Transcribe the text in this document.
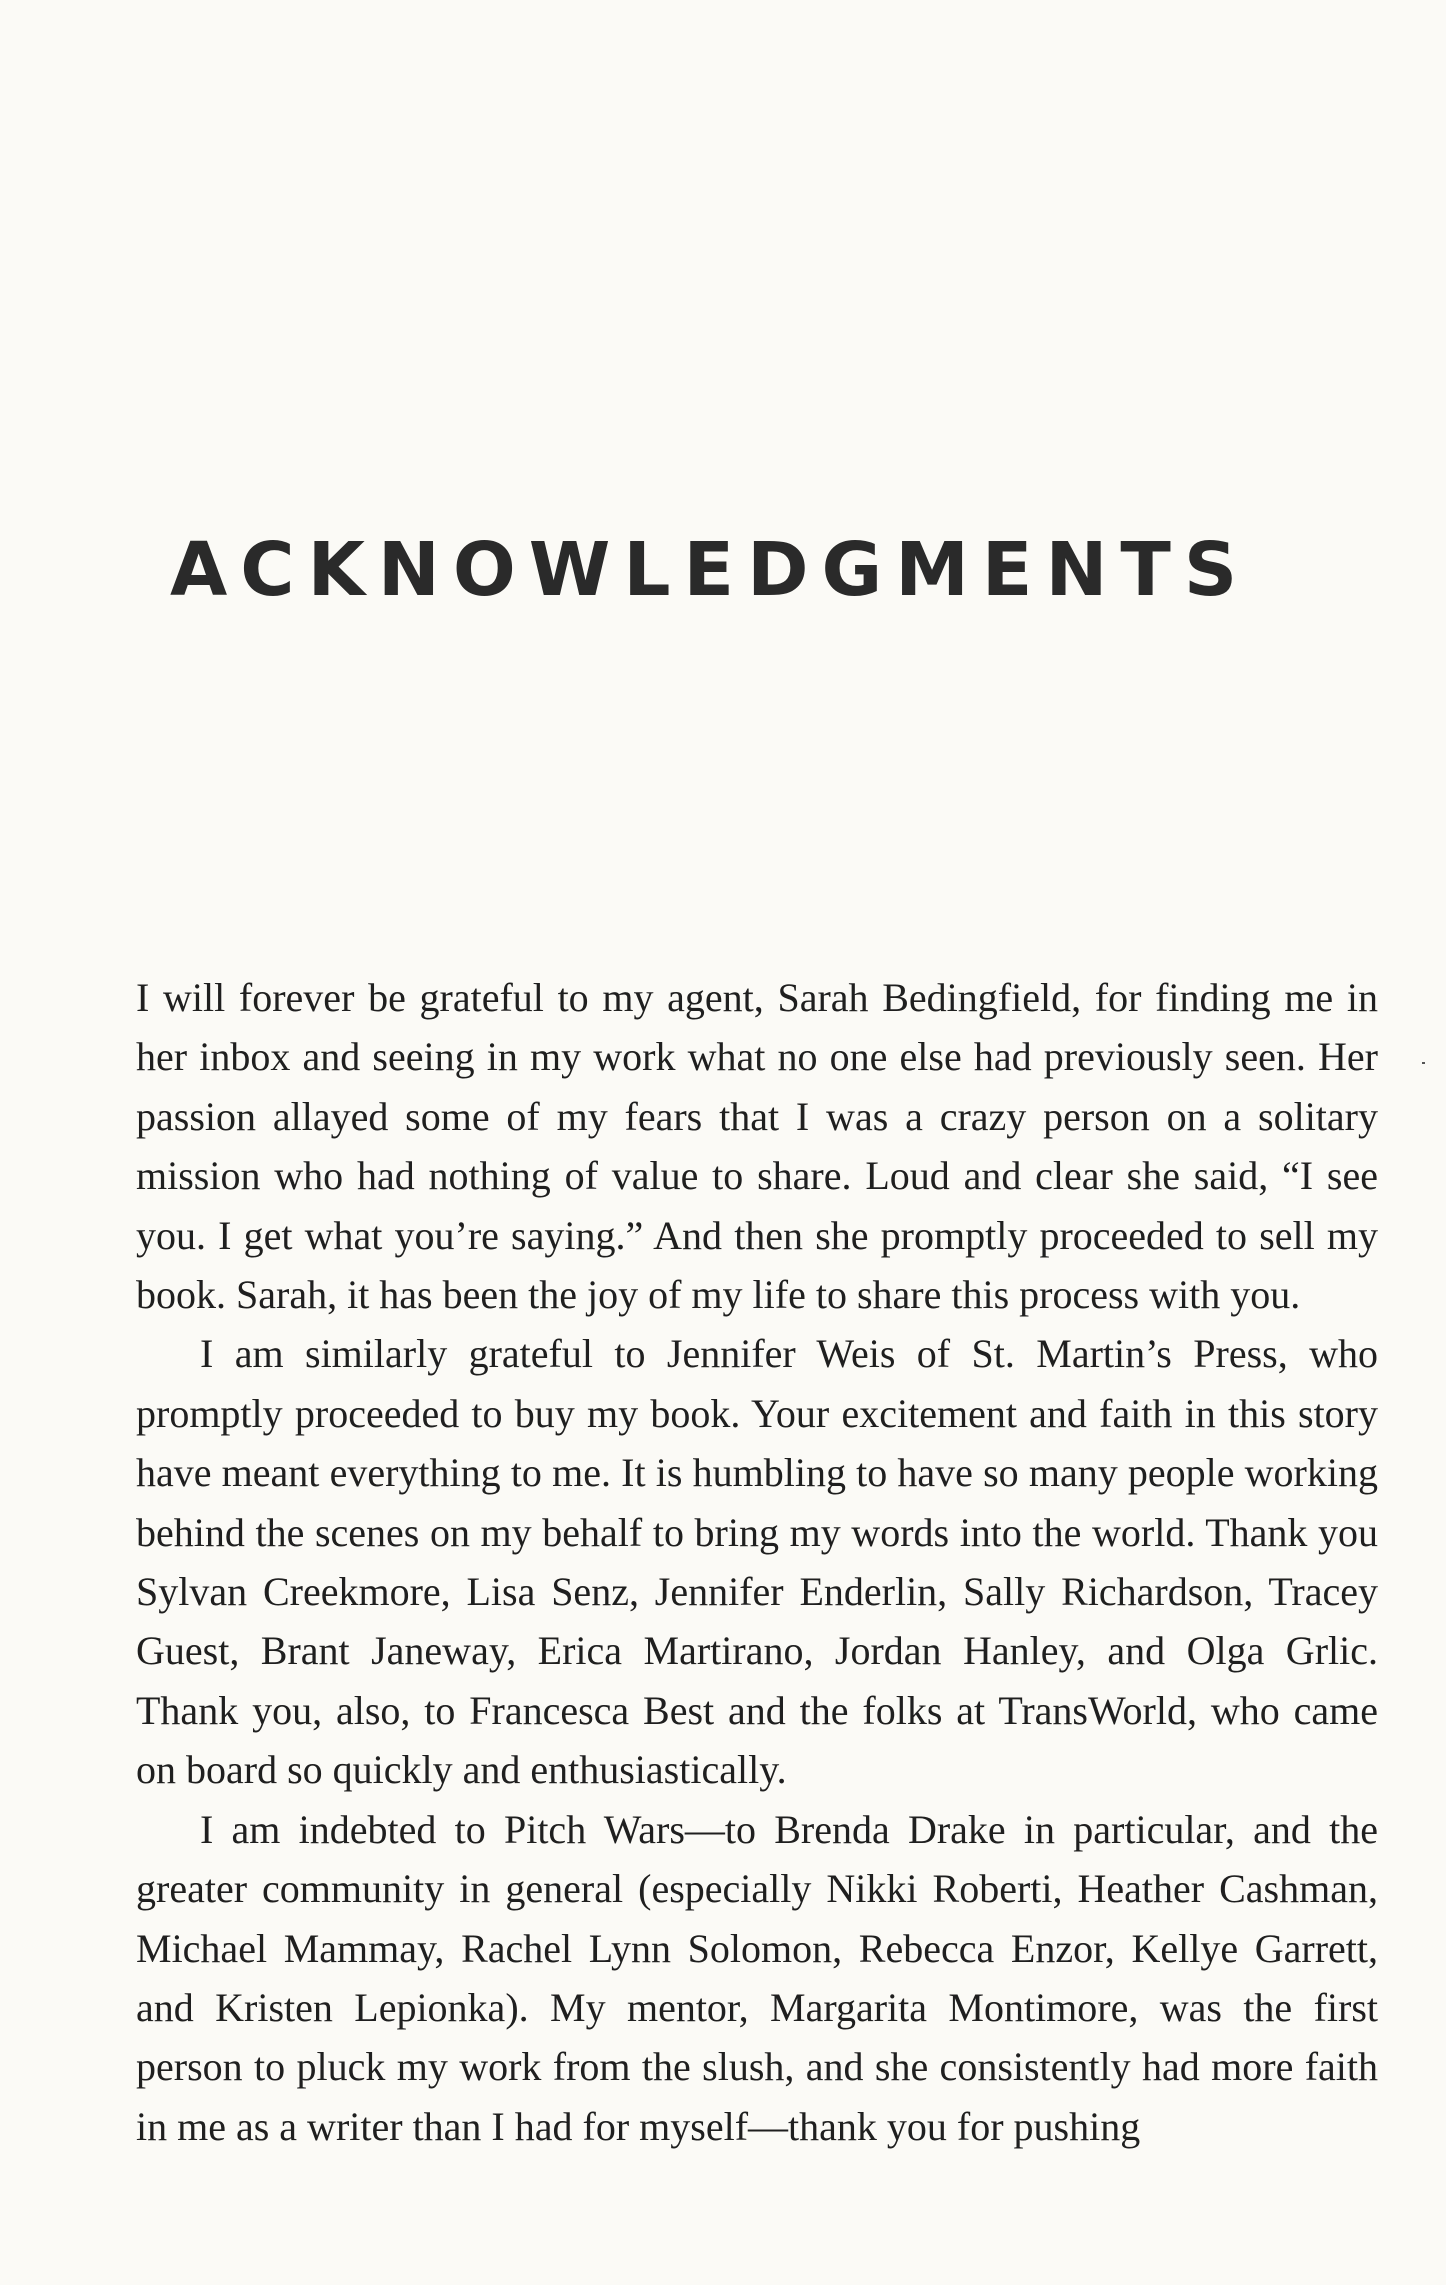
ACKNOWLEDGMENTS

I will forever be grateful to my agent, Sarah Bedingfield, for finding me in her inbox and seeing in my work what no one else had previously seen. Her passion allayed some of my fears that I was a crazy person on a solitary mission who had nothing of value to share. Loud and clear she said, “I see you. I get what you’re saying.” And then she promptly proceeded to sell my book. Sarah, it has been the joy of my life to share this process with you.

I am similarly grateful to Jennifer Weis of St. Martin’s Press, who promptly proceeded to buy my book. Your excitement and faith in this story have meant everything to me. It is humbling to have so many people working behind the scenes on my behalf to bring my words into the world. Thank you Sylvan Creekmore, Lisa Senz, Jennifer Enderlin, Sally Richardson, Tracey Guest, Brant Janeway, Erica Martirano, Jordan Hanley, and Olga Grlic. Thank you, also, to Francesca Best and the folks at TransWorld, who came on board so quickly and enthusiastically.

I am indebted to Pitch Wars—to Brenda Drake in particular, and the greater community in general (especially Nikki Roberti, Heather Cashman, Michael Mammay, Rachel Lynn Solomon, Rebecca Enzor, Kellye Garrett, and Kristen Lepionka). My mentor, Margarita Montimore, was the first person to pluck my work from the slush, and she consistently had more faith in me as a writer than I had for myself—thank you for pushing
